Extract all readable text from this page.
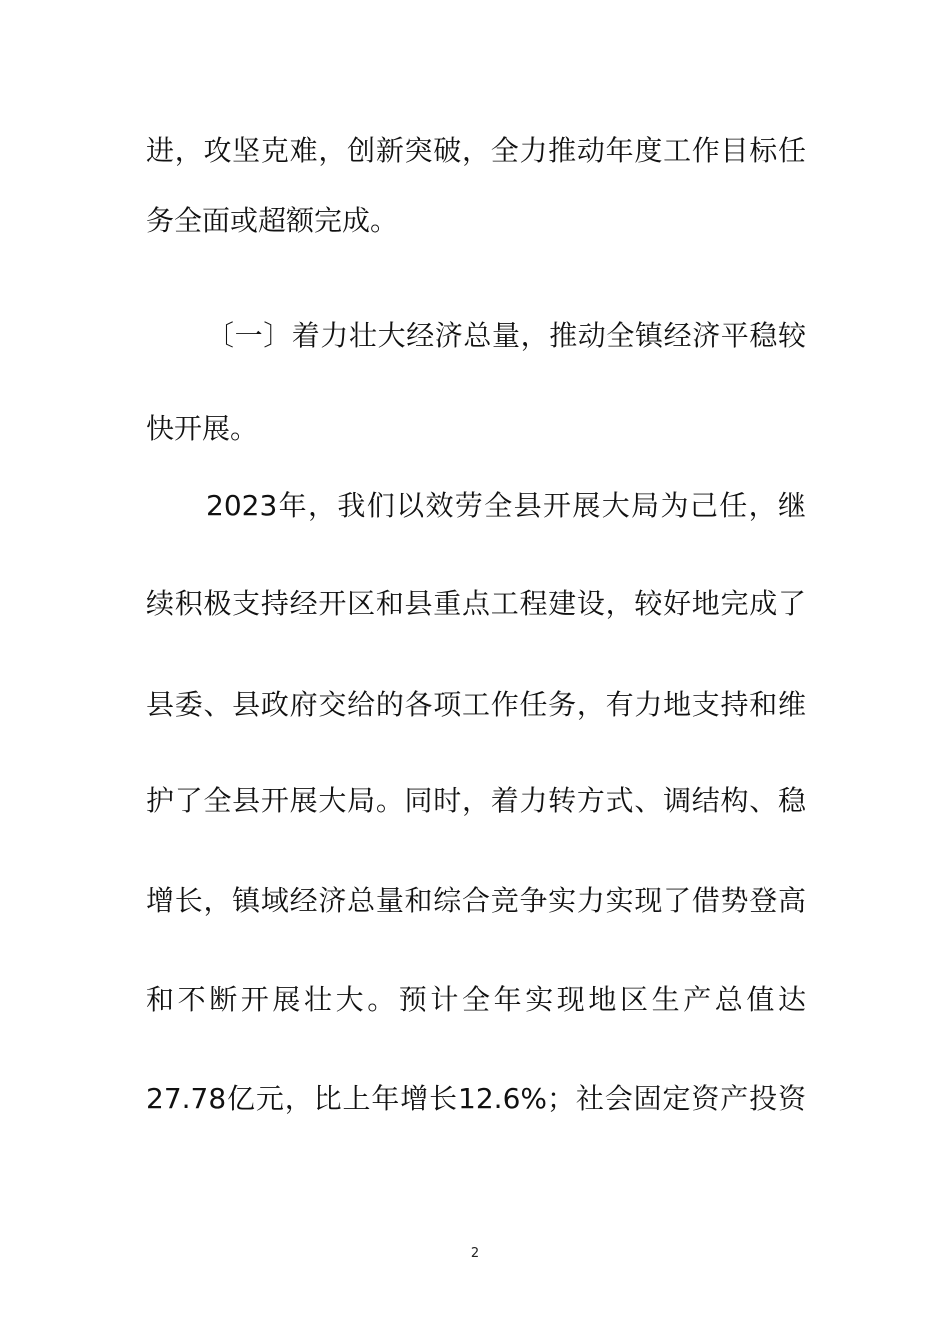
进，攻坚克难，创新突破，全力推动年度工作目标任
务全面或超额完成。
〔一〕着力壮大经济总量，推动全镇经济平稳较
快开展。
2023年，我们以效劳全县开展大局为己任，继
续积极支持经开区和县重点工程建设，较好地完成了
县委、县政府交给的各项工作任务，有力地支持和维
护了全县开展大局。同时，着力转方式、调结构、稳
增长，镇域经济总量和综合竞争实力实现了借势登高
和不断开展壮大。预计全年实现地区生产总值达
27.78亿元，比上年增长12.6%；社会固定资产投资
2
